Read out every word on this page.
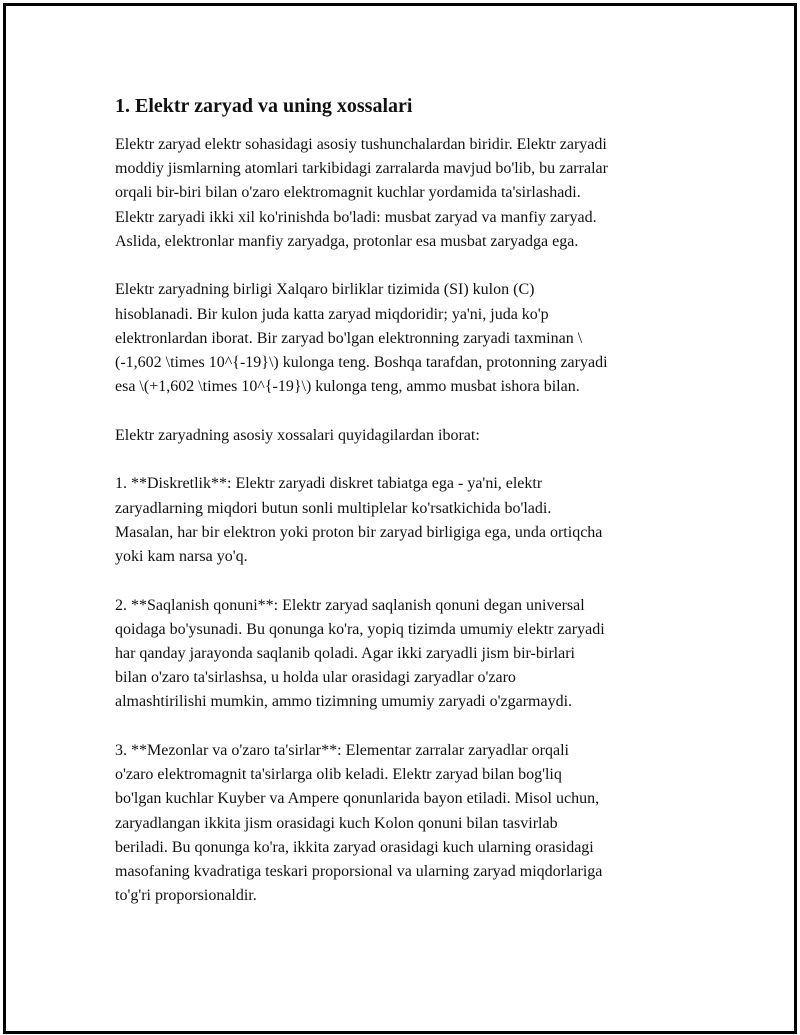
1. Elektr zaryad va uning xossalari

Elektr zaryad elektr sohasidagi asosiy tushunchalardan biridir. Elektr zaryadi
moddiy jismlarning atomlari tarkibidagi zarralarda mavjud bo'lib, bu zarralar
orqali bir-biri bilan o'zaro elektromagnit kuchlar yordamida ta'sirlashadi.
Elektr zaryadi ikki xil ko'rinishda bo'ladi: musbat zaryad va manfiy zaryad.
Aslida, elektronlar manfiy zaryadga, protonlar esa musbat zaryadga ega.

Elektr zaryadning birligi Xalqaro birliklar tizimida (SI) kulon (C)
hisoblanadi. Bir kulon juda katta zaryad miqdoridir; ya'ni, juda ko'p
elektronlardan iborat. Bir zaryad bo'lgan elektronning zaryadi taxminan \
(-1,602 \times 10^{-19}\) kulonga teng. Boshqa tarafdan, protonning zaryadi
esa \(+1,602 \times 10^{-19}\) kulonga teng, ammo musbat ishora bilan.

Elektr zaryadning asosiy xossalari quyidagilardan iborat:

1. **Diskretlik**: Elektr zaryadi diskret tabiatga ega - ya'ni, elektr
zaryadlarning miqdori butun sonli multiplelar ko'rsatkichida bo'ladi.
Masalan, har bir elektron yoki proton bir zaryad birligiga ega, unda ortiqcha
yoki kam narsa yo'q.

2. **Saqlanish qonuni**: Elektr zaryad saqlanish qonuni degan universal
qoidaga bo'ysunadi. Bu qonunga ko'ra, yopiq tizimda umumiy elektr zaryadi
har qanday jarayonda saqlanib qoladi. Agar ikki zaryadli jism bir-birlari
bilan o'zaro ta'sirlashsa, u holda ular orasidagi zaryadlar o'zaro
almashtirilishi mumkin, ammo tizimning umumiy zaryadi o'zgarmaydi.

3. **Mezonlar va o'zaro ta'sirlar**: Elementar zarralar zaryadlar orqali
o'zaro elektromagnit ta'sirlarga olib keladi. Elektr zaryad bilan bog'liq
bo'lgan kuchlar Kuyber va Ampere qonunlarida bayon etiladi. Misol uchun,
zaryadlangan ikkita jism orasidagi kuch Kolon qonuni bilan tasvirlab
beriladi. Bu qonunga ko'ra, ikkita zaryad orasidagi kuch ularning orasidagi
masofaning kvadratiga teskari proporsional va ularning zaryad miqdorlariga
to'g'ri proporsionaldir.
